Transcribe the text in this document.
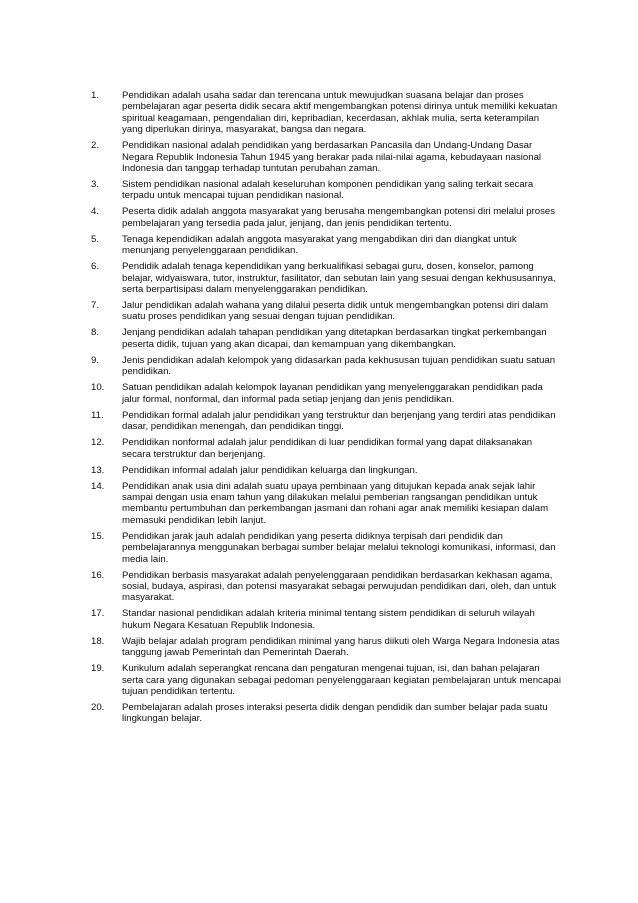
1.	Pendidikan adalah usaha sadar dan terencana untuk mewujudkan suasana belajar dan proses pembelajaran agar peserta didik secara aktif mengembangkan potensi dirinya untuk memiliki kekuatan spiritual keagamaan, pengendalian diri, kepribadian, kecerdasan, akhlak mulia, serta keterampilan yang diperlukan dirinya, masyarakat, bangsa dan negara.
2.	Pendidikan nasional adalah pendidikan yang berdasarkan Pancasila dan Undang-Undang Dasar Negara Republik Indonesia Tahun 1945 yang berakar pada nilai-nilai agama, kebudayaan nasional Indonesia dan tanggap terhadap tuntutan perubahan zaman.
3.	Sistem pendidikan nasional adalah keseluruhan komponen pendidikan yang saling terkait secara terpadu untuk mencapai tujuan pendidikan nasional.
4.	Peserta didik adalah anggota masyarakat yang berusaha mengembangkan potensi diri melalui proses pembelajaran yang tersedia pada jalur, jenjang, dan jenis pendidikan tertentu.
5.	Tenaga kependidikan adalah anggota masyarakat yang mengabdikan diri dan diangkat untuk menunjang penyelenggaraan pendidikan.
6.	Pendidik adalah tenaga kependidikan yang berkualifikasi sebagai guru, dosen, konselor, pamong belajar, widyaiswara, tutor, instruktur, fasilitator, dan sebutan lain yang sesuai dengan kekhususannya, serta berpartisipasi dalam menyelenggarakan pendidikan.
7.	Jalur pendidikan adalah wahana yang dilalui peserta didik untuk mengembangkan potensi diri dalam suatu proses pendidikan yang sesuai dengan tujuan pendidikan.
8.	Jenjang pendidikan adalah tahapan pendidikan yang ditetapkan berdasarkan tingkat perkembangan peserta didik, tujuan yang akan dicapai, dan kemampuan yang dikembangkan.
9.	Jenis pendidikan adalah kelompok yang didasarkan pada kekhususan tujuan pendidikan suatu satuan pendidikan.
10.	Satuan pendidikan adalah kelompok layanan pendidikan yang menyelenggarakan pendidikan pada jalur formal, nonformal, dan informal pada setiap jenjang dan jenis pendidikan.
11.	Pendidikan formal adalah jalur pendidikan yang terstruktur dan berjenjang yang terdiri atas pendidikan dasar, pendidikan menengah, dan pendidikan tinggi.
12.	Pendidikan nonformal adalah jalur pendidikan di luar pendidikan formal yang dapat dilaksanakan secara terstruktur dan berjenjang.
13.	Pendidikan informal adalah jalur pendidikan keluarga dan lingkungan.
14.	Pendidikan anak usia dini adalah suatu upaya pembinaan yang ditujukan kepada anak sejak lahir sampai dengan usia enam tahun yang dilakukan melalui pemberian rangsangan pendidikan untuk membantu pertumbuhan dan perkembangan jasmani dan rohani agar anak memiliki kesiapan dalam memasuki pendidikan lebih lanjut.
15.	Pendidikan jarak jauh adalah pendidikan yang peserta didiknya terpisah dari pendidik dan pembelajarannya menggunakan berbagai sumber belajar melalui teknologi komunikasi, informasi, dan media lain.
16.	Pendidikan berbasis masyarakat adalah penyelenggaraan pendidikan berdasarkan kekhasan agama, sosial, budaya, aspirasi, dan potensi masyarakat sebagai perwujudan pendidikan dari, oleh, dan untuk masyarakat.
17.	Standar nasional pendidikan adalah kriteria minimal tentang sistem pendidikan di seluruh wilayah hukum Negara Kesatuan Republik Indonesia.
18.	Wajib belajar adalah program pendidikan minimal yang harus diikuti oleh Warga Negara Indonesia atas tanggung jawab Pemerintah dan Pemerintah Daerah.
19.	Kurikulum adalah seperangkat rencana dan pengaturan mengenai tujuan, isi, dan bahan pelajaran serta cara yang digunakan sebagai pedoman penyelenggaraan kegiatan pembelajaran untuk mencapai tujuan pendidikan tertentu.
20.	Pembelajaran adalah proses interaksi peserta didik dengan pendidik dan sumber belajar pada suatu lingkungan belajar.
